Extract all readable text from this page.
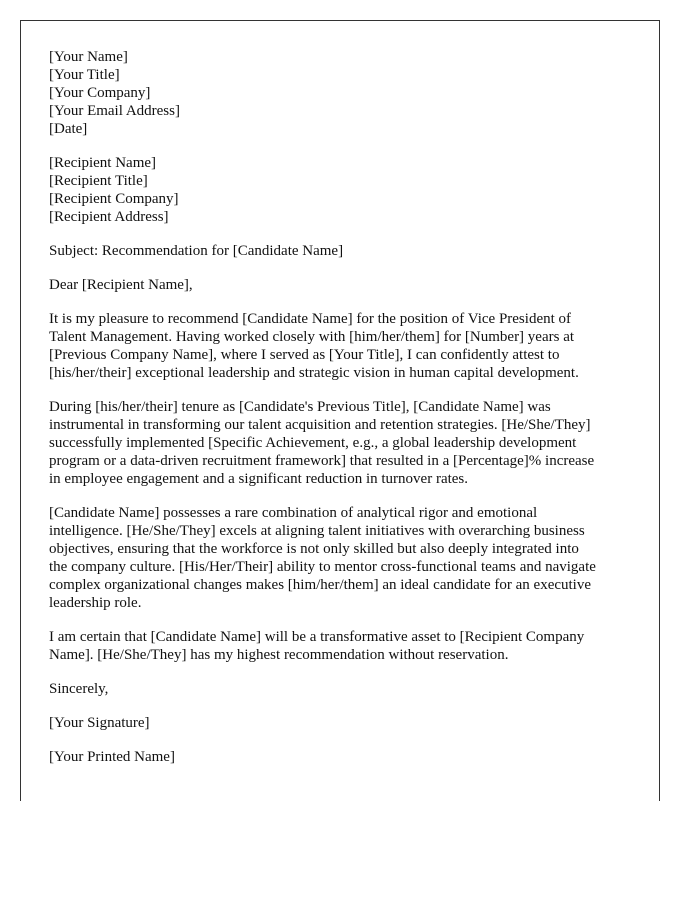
[Your Name]
[Your Title]
[Your Company]
[Your Email Address]
[Date]
[Recipient Name]
[Recipient Title]
[Recipient Company]
[Recipient Address]

Subject: Recommendation for [Candidate Name]

Dear [Recipient Name],

It is my pleasure to recommend [Candidate Name] for the position of Vice President of
Talent Management. Having worked closely with [him/her/them] for [Number] years at
[Previous Company Name], where I served as [Your Title], I can confidently attest to
[his/her/their] exceptional leadership and strategic vision in human capital development.

During [his/her/their] tenure as [Candidate's Previous Title], [Candidate Name] was
instrumental in transforming our talent acquisition and retention strategies. [He/She/They]
successfully implemented [Specific Achievement, e.g., a global leadership development
program or a data-driven recruitment framework] that resulted in a [Percentage]% increase
in employee engagement and a significant reduction in turnover rates.

[Candidate Name] possesses a rare combination of analytical rigor and emotional
intelligence. [He/She/They] excels at aligning talent initiatives with overarching business
objectives, ensuring that the workforce is not only skilled but also deeply integrated into
the company culture. [His/Her/Their] ability to mentor cross-functional teams and navigate
complex organizational changes makes [him/her/them] an ideal candidate for an executive
leadership role.

I am certain that [Candidate Name] will be a transformative asset to [Recipient Company
Name]. [He/She/They] has my highest recommendation without reservation.

Sincerely,

[Your Signature]

[Your Printed Name]
